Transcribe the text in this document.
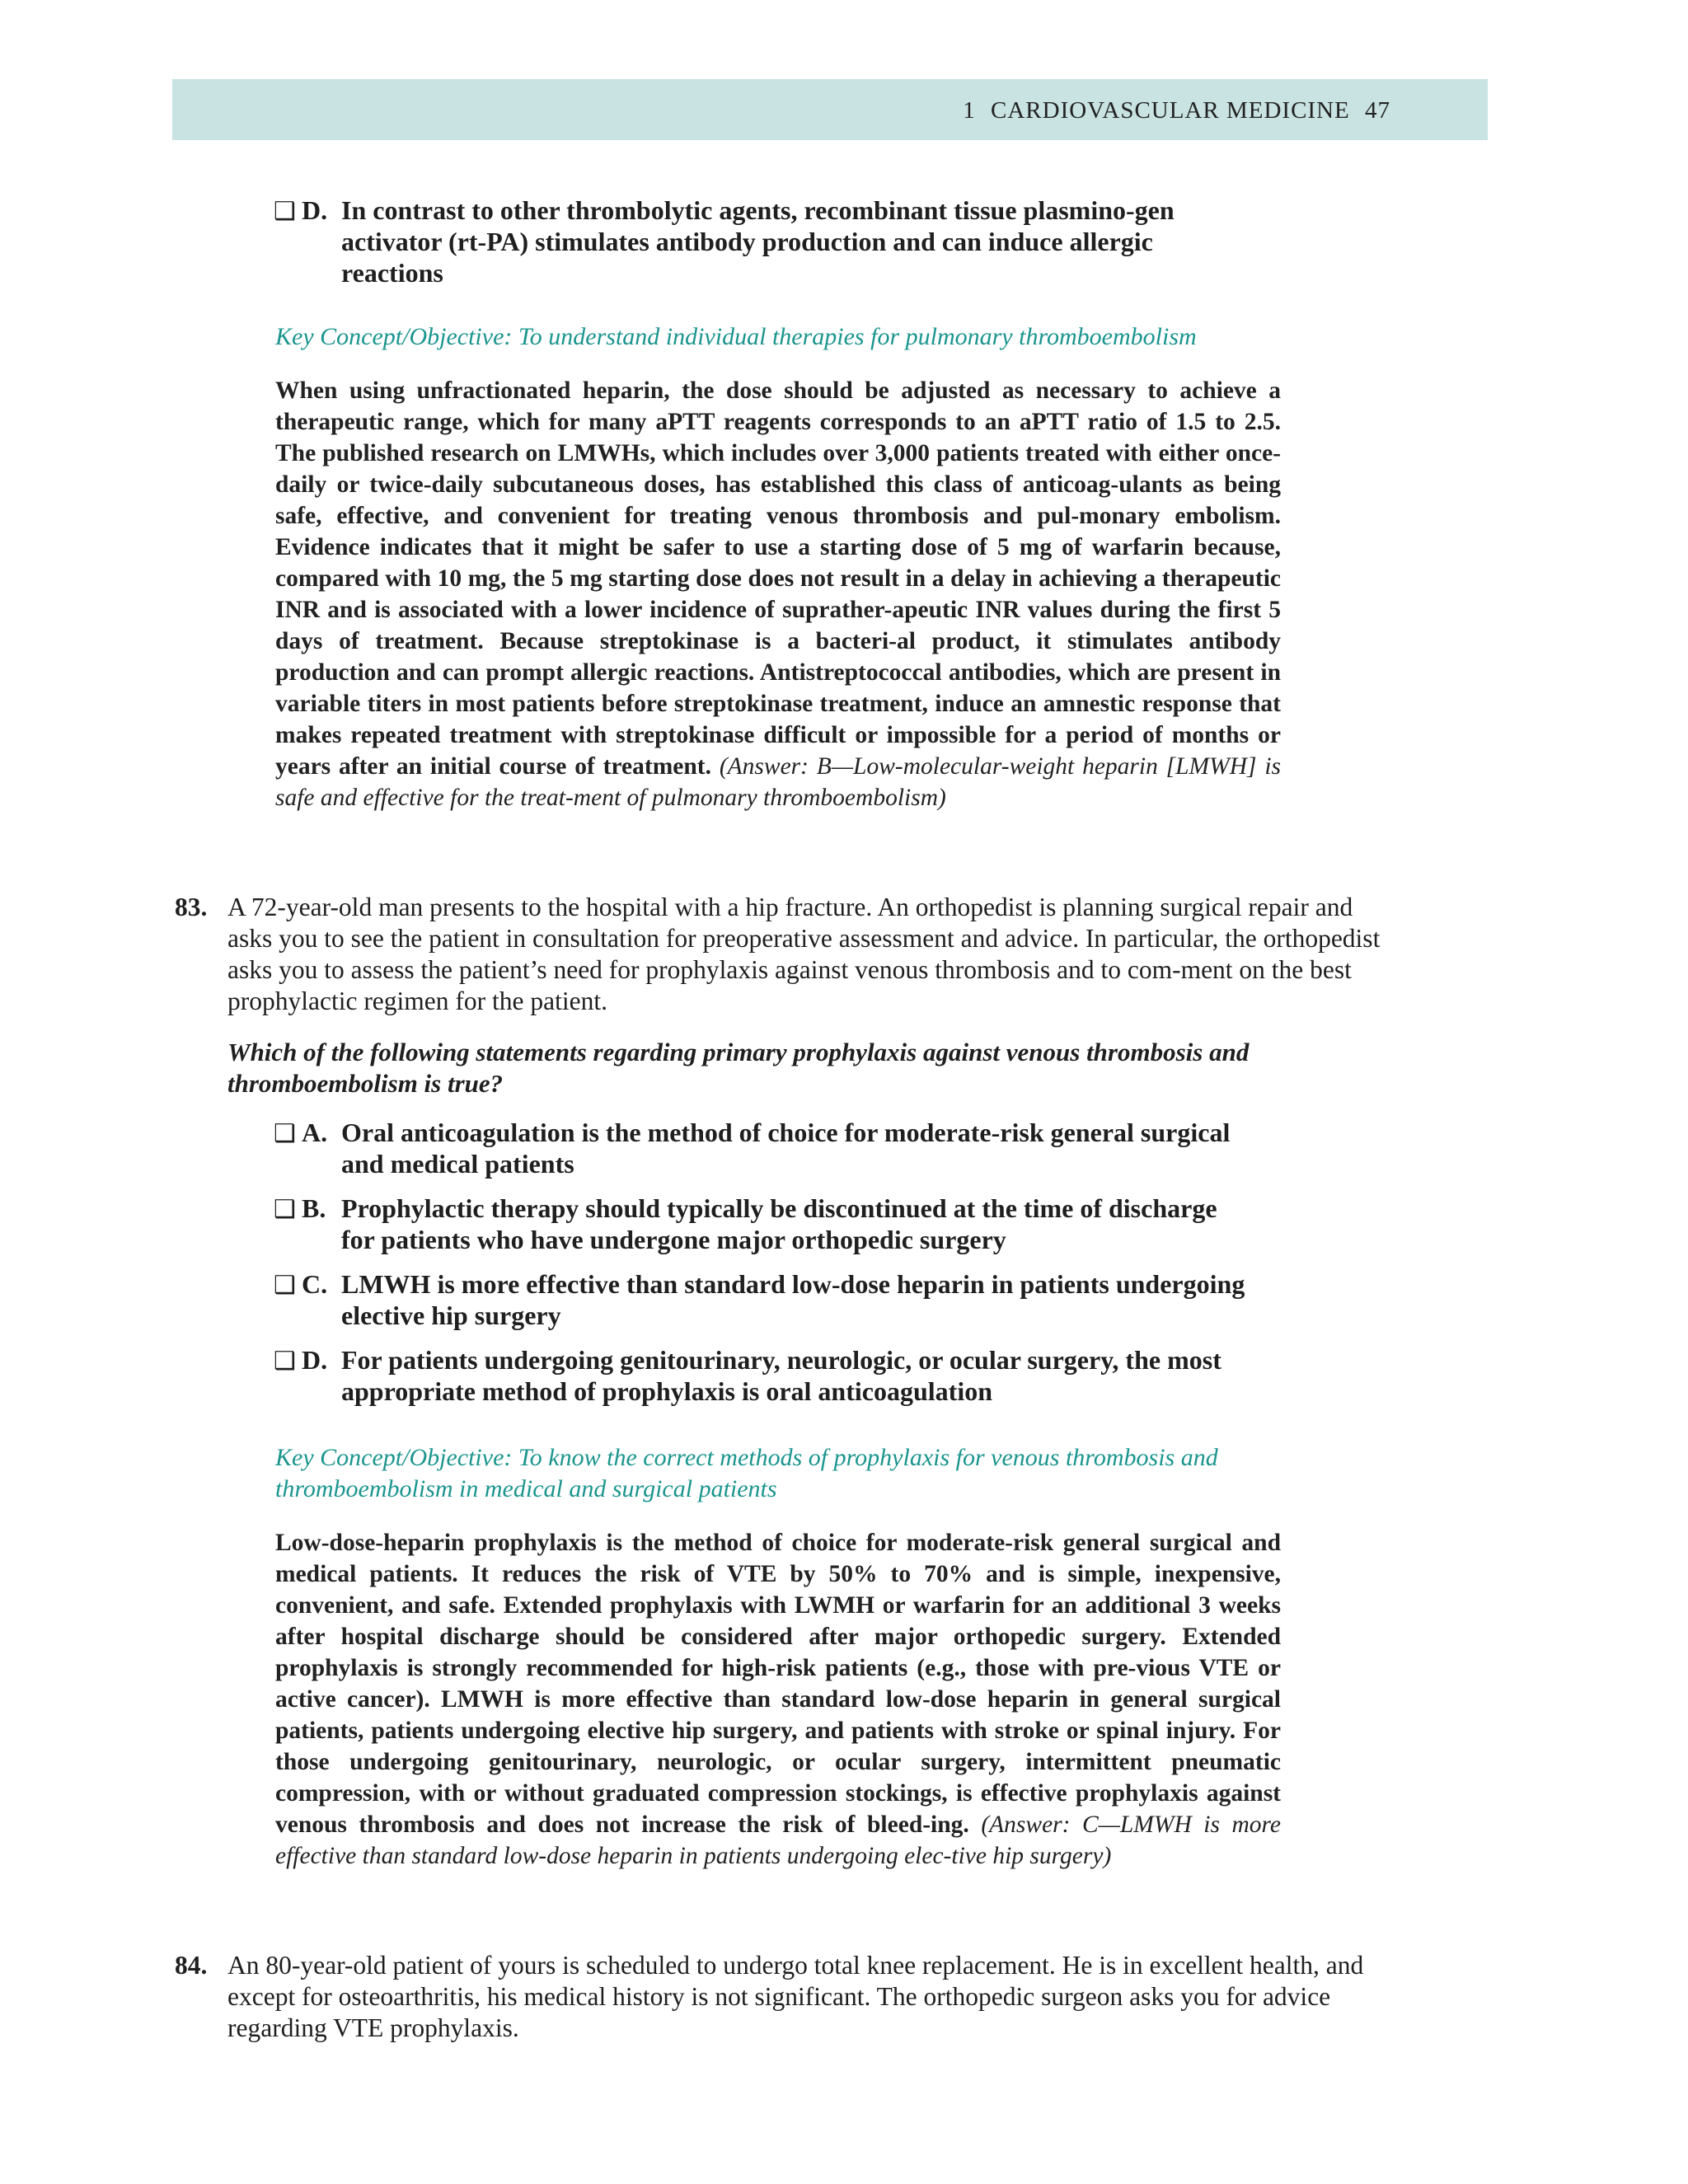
1 CARDIOVASCULAR MEDICINE 47
❑ D. In contrast to other thrombolytic agents, recombinant tissue plasmino-gen activator (rt-PA) stimulates antibody production and can induce allergic reactions
Key Concept/Objective: To understand individual therapies for pulmonary thromboembolism
When using unfractionated heparin, the dose should be adjusted as necessary to achieve a therapeutic range, which for many aPTT reagents corresponds to an aPTT ratio of 1.5 to 2.5. The published research on LMWHs, which includes over 3,000 patients treated with either once-daily or twice-daily subcutaneous doses, has established this class of anticoag-ulants as being safe, effective, and convenient for treating venous thrombosis and pul-monary embolism. Evidence indicates that it might be safer to use a starting dose of 5 mg of warfarin because, compared with 10 mg, the 5 mg starting dose does not result in a delay in achieving a therapeutic INR and is associated with a lower incidence of suprather-apeutic INR values during the first 5 days of treatment. Because streptokinase is a bacteri-al product, it stimulates antibody production and can prompt allergic reactions. Antistreptococcal antibodies, which are present in variable titers in most patients before streptokinase treatment, induce an amnestic response that makes repeated treatment with streptokinase difficult or impossible for a period of months or years after an initial course of treatment. (Answer: B—Low-molecular-weight heparin [LMWH] is safe and effective for the treat-ment of pulmonary thromboembolism)
83. A 72-year-old man presents to the hospital with a hip fracture. An orthopedist is planning surgical repair and asks you to see the patient in consultation for preoperative assessment and advice. In particular, the orthopedist asks you to assess the patient’s need for prophylaxis against venous thrombosis and to com-ment on the best prophylactic regimen for the patient.
Which of the following statements regarding primary prophylaxis against venous thrombosis and thromboembolism is true?
❑ A. Oral anticoagulation is the method of choice for moderate-risk general surgical and medical patients
❑ B. Prophylactic therapy should typically be discontinued at the time of discharge for patients who have undergone major orthopedic surgery
❑ C. LMWH is more effective than standard low-dose heparin in patients undergoing elective hip surgery
❑ D. For patients undergoing genitourinary, neurologic, or ocular surgery, the most appropriate method of prophylaxis is oral anticoagulation
Key Concept/Objective: To know the correct methods of prophylaxis for venous thrombosis and thromboembolism in medical and surgical patients
Low-dose-heparin prophylaxis is the method of choice for moderate-risk general surgical and medical patients. It reduces the risk of VTE by 50% to 70% and is simple, inexpensive, convenient, and safe. Extended prophylaxis with LWMH or warfarin for an additional 3 weeks after hospital discharge should be considered after major orthopedic surgery. Extended prophylaxis is strongly recommended for high-risk patients (e.g., those with pre-vious VTE or active cancer). LMWH is more effective than standard low-dose heparin in general surgical patients, patients undergoing elective hip surgery, and patients with stroke or spinal injury. For those undergoing genitourinary, neurologic, or ocular surgery, intermittent pneumatic compression, with or without graduated compression stockings, is effective prophylaxis against venous thrombosis and does not increase the risk of bleed-ing. (Answer: C—LMWH is more effective than standard low-dose heparin in patients undergoing elec-tive hip surgery)
84. An 80-year-old patient of yours is scheduled to undergo total knee replacement. He is in excellent health, and except for osteoarthritis, his medical history is not significant. The orthopedic surgeon asks you for advice regarding VTE prophylaxis.
